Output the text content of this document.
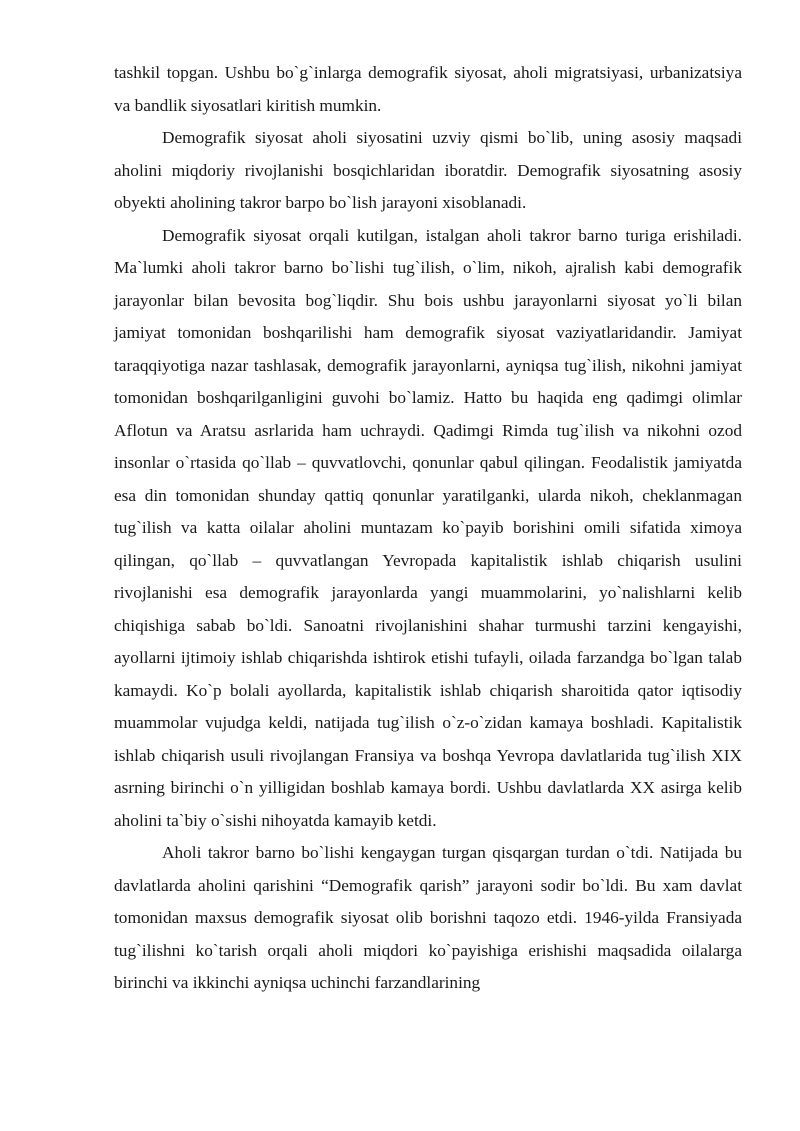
tashkil topgan. Ushbu bo`g`inlarga demografik siyosat, aholi migratsiyasi, urbanizatsiya va bandlik siyosatlari kiritish mumkin.

Demografik siyosat aholi siyosatini uzviy qismi bo`lib, uning asosiy maqsadi aholini miqdoriy rivojlanishi bosqichlaridan iboratdir. Demografik siyosatning asosiy obyekti aholining takror barpo bo`lish jarayoni xisoblanadi.

Demografik siyosat orqali kutilgan, istalgan aholi takror barno turiga erishiladi. Ma`lumki aholi takror barno bo`lishi tug`ilish, o`lim, nikoh, ajralish kabi demografik jarayonlar bilan bevosita bog`liqdir. Shu bois ushbu jarayonlarni siyosat yo`li bilan jamiyat tomonidan boshqarilishi ham demografik siyosat vaziyatlaridandir. Jamiyat taraqqiyotiga nazar tashlasak, demografik jarayonlarni, ayniqsa tug`ilish, nikohni jamiyat tomonidan boshqarilganligini guvohi bo`lamiz. Hatto bu haqida eng qadimgi olimlar Aflotun va Aratsu asrlarida ham uchraydi. Qadimgi Rimda tug`ilish va nikohni ozod insonlar o`rtasida qo`llab – quvvatlovchi, qonunlar qabul qilingan. Feodalistik jamiyatda esa din tomonidan shunday qattiq qonunlar yaratilganki, ularda nikoh, cheklanmagan tug`ilish va katta oilalar aholini muntazam ko`payib borishini omili sifatida ximoya qilingan, qo`llab – quvvatlangan Yevropada kapitalistik ishlab chiqarish usulini rivojlanishi esa demografik jarayonlarda yangi muammolarini, yo`nalishlarni kelib chiqishiga sabab bo`ldi. Sanoatni rivojlanishini shahar turmushi tarzini kengayishi, ayollarni ijtimoiy ishlab chiqarishda ishtirok etishi tufayli, oilada farzandga bo`lgan talab kamaydi. Ko`p bolali ayollarda, kapitalistik ishlab chiqarish sharoitida qator iqtisodiy muammolar vujudga keldi, natijada tug`ilish o`z-o`zidan kamaya boshladi. Kapitalistik ishlab chiqarish usuli rivojlangan Fransiya va boshqa Yevropa davlatlarida tug`ilish XIX asrning birinchi o`n yilligidan boshlab kamaya bordi. Ushbu davlatlarda XX asirga kelib aholini ta`biy o`sishi nihoyatda kamayib ketdi.

Aholi takror barno bo`lishi kengaygan turgan qisqargan turdan o`tdi. Natijada bu davlatlarda aholini qarishini “Demografik qarish” jarayoni sodir bo`ldi. Bu xam davlat tomonidan maxsus demografik siyosat olib borishni taqozo etdi. 1946-yilda Fransiyada tug`ilishni ko`tarish orqali aholi miqdori ko`payishiga erishishi maqsadida oilalarga birinchi va ikkinchi ayniqsa uchinchi farzandlarining
